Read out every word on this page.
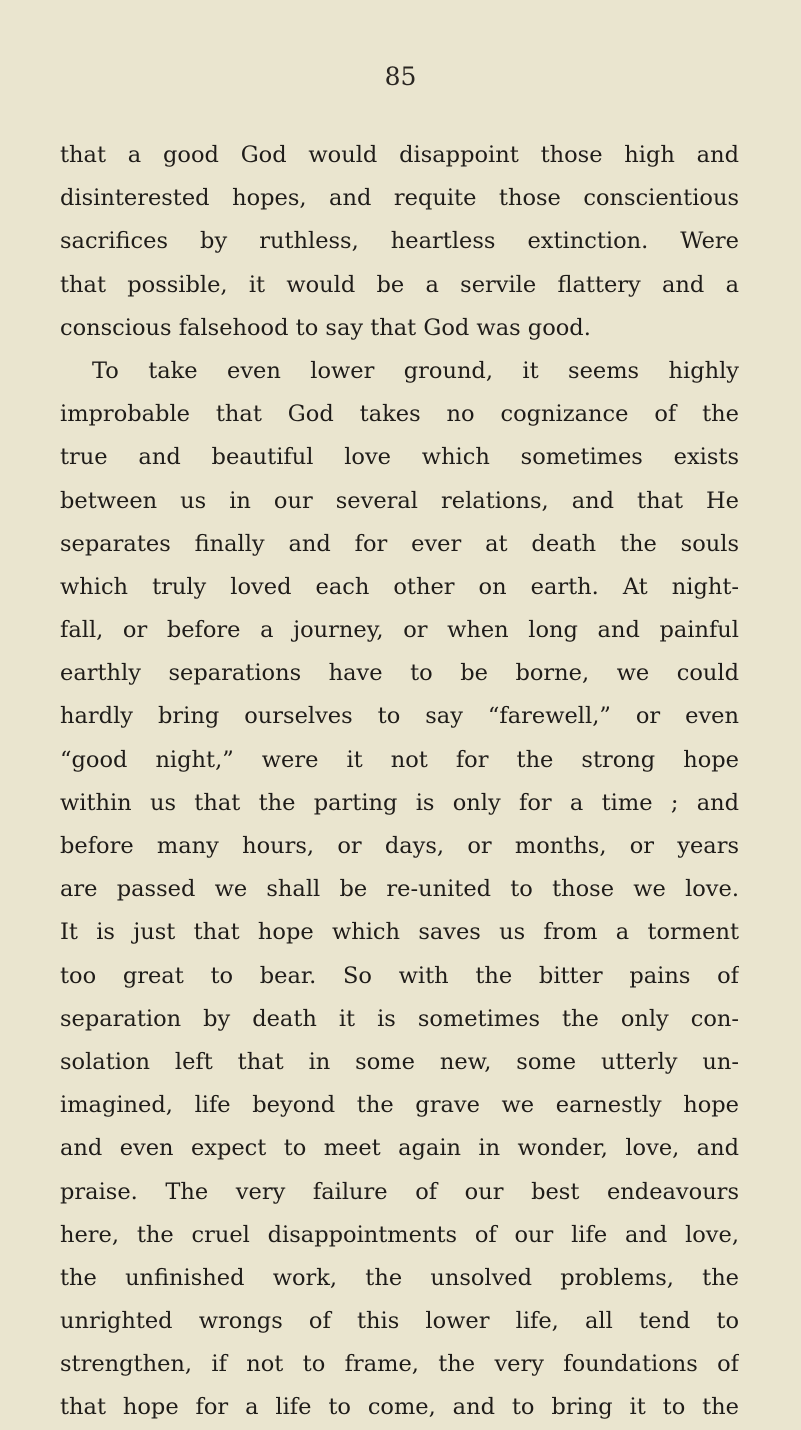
85
that a good God would disappoint those high and
disinterested hopes, and requite those conscientious
sacrifices by ruthless, heartless extinction. Were
that possible, it would be a servile flattery and a
conscious falsehood to say that God was good.
To take even lower ground, it seems highly
improbable that God takes no cognizance of the
true and beautiful love which sometimes exists
between us in our several relations, and that He
separates finally and for ever at death the souls
which truly loved each other on earth. At night-
fall, or before a journey, or when long and painful
earthly separations have to be borne, we could
hardly bring ourselves to say “farewell,” or even
“good night,” were it not for the strong hope
within us that the parting is only for a time ; and
before many hours, or days, or months, or years
are passed we shall be re-united to those we love.
It is just that hope which saves us from a torment
too great to bear. So with the bitter pains of
separation by death it is sometimes the only con-
solation left that in some new, some utterly un-
imagined, life beyond the grave we earnestly hope
and even expect to meet again in wonder, love, and
praise. The very failure of our best endeavours
here, the cruel disappointments of our life and love,
the unfinished work, the unsolved problems, the
unrighted wrongs of this lower life, all tend to
strengthen, if not to frame, the very foundations of
that hope for a life to come, and to bring it to the
